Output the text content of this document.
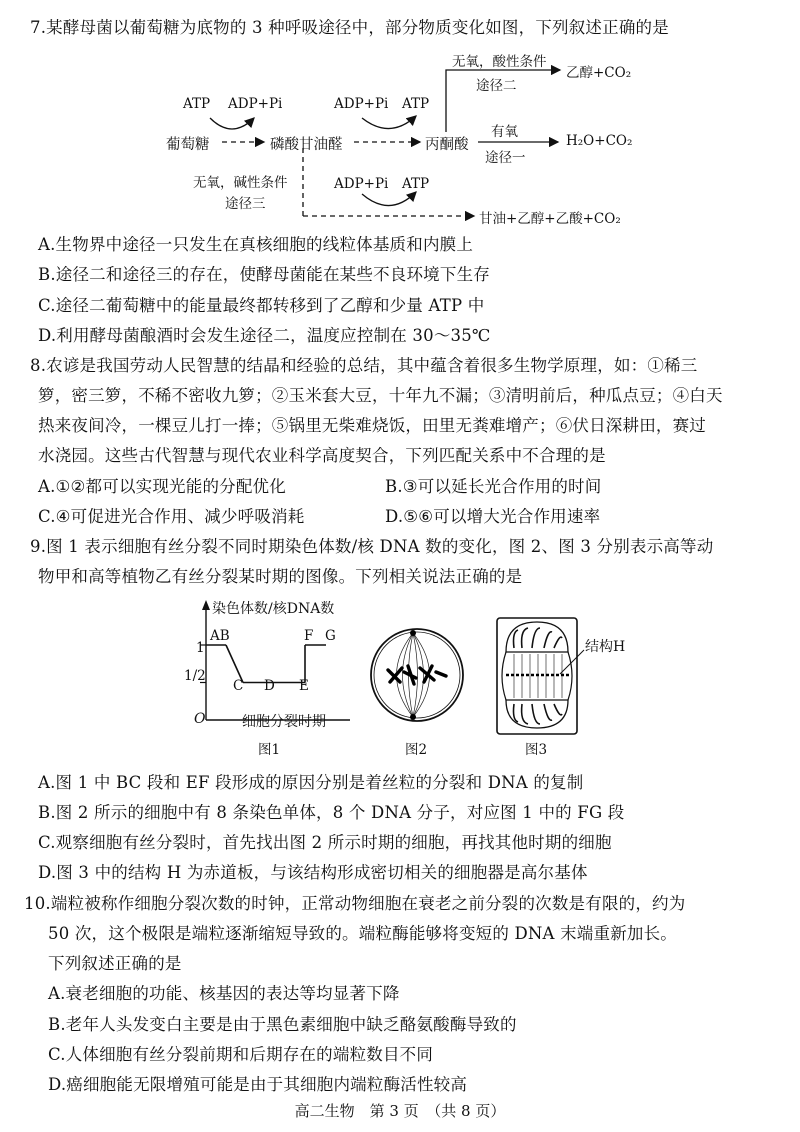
7.某酵母菌以葡萄糖为底物的 3 种呼吸途径中，部分物质变化如图，下列叙述正确的是
ATP ADP+Pi	ADP+Pi ATP
葡萄糖	磷酸甘油醛	丙酮酸
无氧，酸性条件
途径二
乙醇+CO₂
有氧
途径一
H₂O+CO₂
无氧，碱性条件
途径三
ADP+Pi ATP
甘油+乙醇+乙酸+CO₂
A.生物界中途径一只发生在真核细胞的线粒体基质和内膜上
B.途径二和途径三的存在，使酵母菌能在某些不良环境下生存
C.途径二葡萄糖中的能量最终都转移到了乙醇和少量 ATP 中
D.利用酵母菌酿酒时会发生途径二，温度应控制在 30～35℃
8.农谚是我国劳动人民智慧的结晶和经验的总结，其中蕴含着很多生物学原理，如：①稀三
箩，密三箩，不稀不密收九箩；②玉米套大豆，十年九不漏；③清明前后，种瓜点豆；④白天
热来夜间冷，一棵豆儿打一捧；⑤锅里无柴难烧饭，田里无粪难增产；⑥伏日深耕田，赛过
水浇园。这些古代智慧与现代农业科学高度契合，下列匹配关系中不合理的是
A.①②都可以实现光能的分配优化	B.③可以延长光合作用的时间
C.④可促进光合作用、减少呼吸消耗	D.⑤⑥可以增大光合作用速率
9.图 1 表示细胞有丝分裂不同时期染色体数/核 DNA 数的变化，图 2、图 3 分别表示高等动
物甲和高等植物乙有丝分裂某时期的图像。下列相关说法正确的是
染色体数/核DNA数
细胞分裂时期
O
1
1/2
AB
C D E
F G
图2
结构H
图3
图1
A.图 1 中 BC 段和 EF 段形成的原因分别是着丝粒的分裂和 DNA 的复制
B.图 2 所示的细胞中有 8 条染色单体，8 个 DNA 分子，对应图 1 中的 FG 段
C.观察细胞有丝分裂时，首先找出图 2 所示时期的细胞，再找其他时期的细胞
D.图 3 中的结构 H 为赤道板，与该结构形成密切相关的细胞器是高尔基体
10.端粒被称作细胞分裂次数的时钟，正常动物细胞在衰老之前分裂的次数是有限的，约为
50 次，这个极限是端粒逐渐缩短导致的。端粒酶能够将变短的 DNA 末端重新加长。
下列叙述正确的是
A.衰老细胞的功能、核基因的表达等均显著下降
B.老年人头发变白主要是由于黑色素细胞中缺乏酪氨酸酶导致的
C.人体细胞有丝分裂前期和后期存在的端粒数目不同
D.癌细胞能无限增殖可能是由于其细胞内端粒酶活性较高
高二生物　第 3 页　（共 8 页）
